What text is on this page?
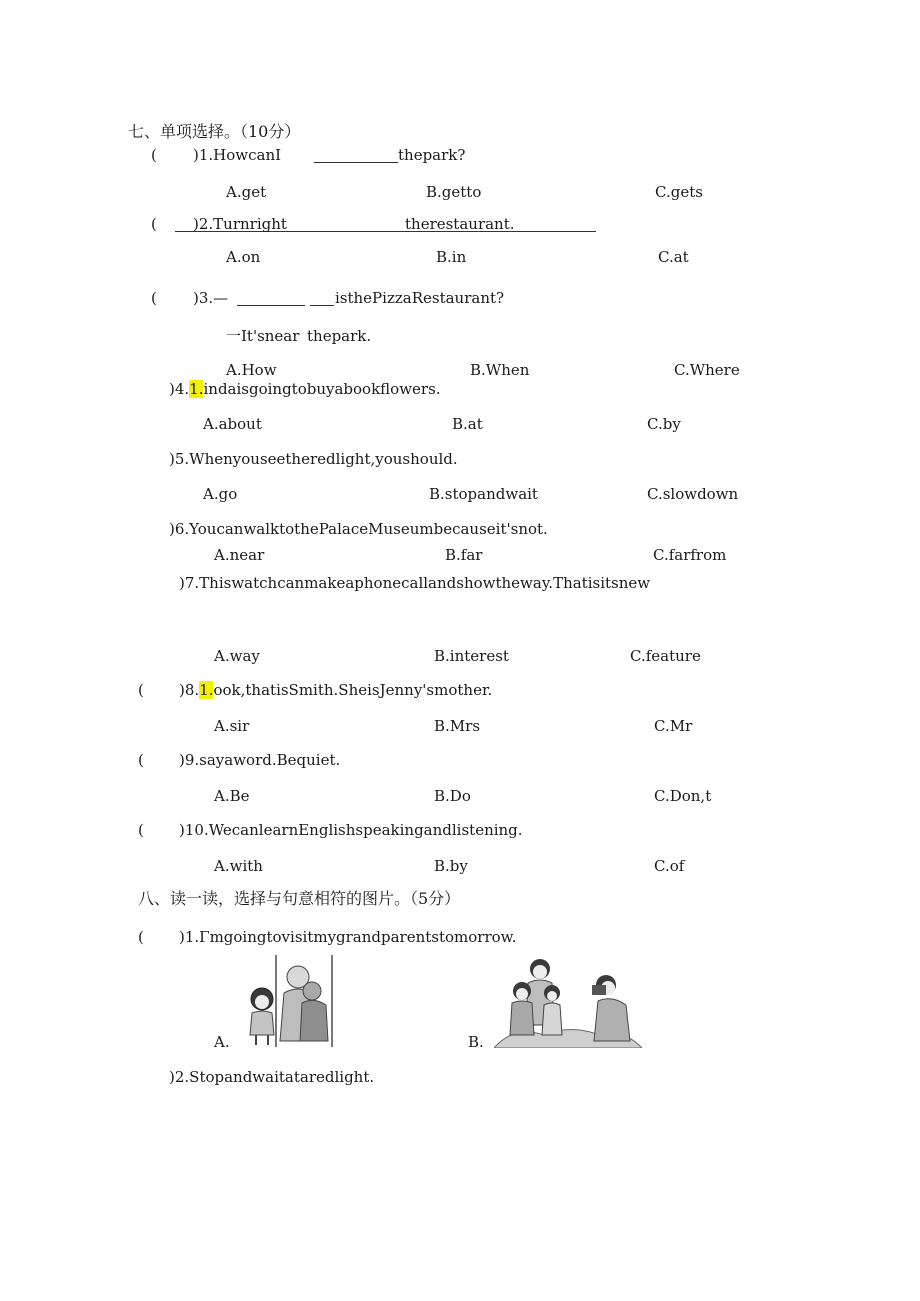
七、单项选择。（10分）
( )1.HowcanI	thepark?
A.get	B.getto	C.gets
( )2.Turnright	therestaurant.
A.on	B.in	C.at
( )3.—	isthePizzaRestaurant?
一It'snear thepark.
A.How	B.When	C.Where
)4.1.indaisgoingtobuyabookflowers.
A.about	B.at	C.by
)5.Whenyouseetheredlight,youshould.
A.go	B.stopandwait	C.slowdown
)6.YoucanwalktothePalaceMuseumbecauseit'snot.
A.near	B.far	C.farfrom
)7.Thiswatchcanmakeaphonecallandshowtheway.Thatisitsnew
A.way	B.interest	C.feature
( )8.1.ook,thatisSmith.SheisJenny'smother.
A.sir	B.Mrs	C.Mr
( )9.sayaword.Bequiet.
A.Be	B.Do	C.Don,t
( )10.WecanlearnEnglishspeakingandlistening.
A.with	B.by	C.of
八、读一读，选择与句意相符的图片。（5分）
( )1.Γmgoingtovisitmygrandparentstomorrow.
A.	B.
)2.Stopandwaitataredlight.
